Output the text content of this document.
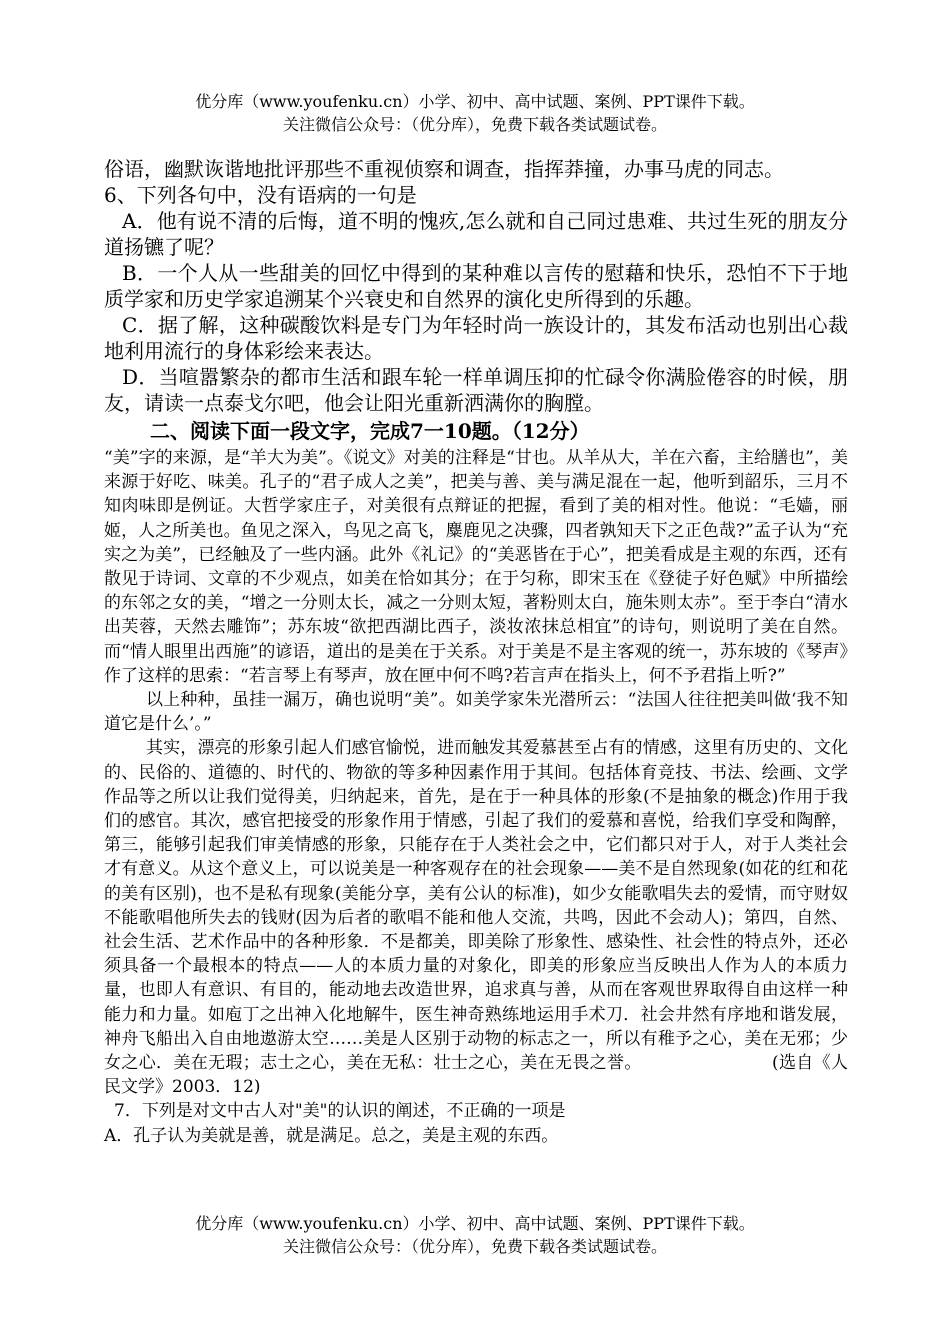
优分库（www.youfenku.cn）小学、初中、高中试题、案例、PPT课件下载。
关注微信公众号：（优分库），免费下载各类试题试卷。

俗语，幽默诙谐地批评那些不重视侦察和调查，指挥莽撞，办事马虎的同志。

6、下列各句中，没有语病的一句是

A．他有说不清的后悔，道不明的愧疚,怎么就和自己同过患难、共过生死的朋友分道扬镳了呢？

B．一个人从一些甜美的回忆中得到的某种难以言传的慰藉和快乐，恐怕不下于地质学家和历史学家追溯某个兴衰史和自然界的演化史所得到的乐趣。

C．据了解，这种碳酸饮料是专门为年轻时尚一族设计的，其发布活动也别出心裁地利用流行的身体彩绘来表达。

D．当喧嚣繁杂的都市生活和跟车轮一样单调压抑的忙碌令你满脸倦容的时候，朋友，请读一点泰戈尔吧，他会让阳光重新洒满你的胸膛。

二、阅读下面一段文字，完成7一10题。（12分）

“美”字的来源，是“羊大为美”。《说文》对美的注释是“甘也。从羊从大，羊在六畜，主给膳也”，美来源于好吃、味美。孔子的“君子成人之美”，把美与善、美与满足混在一起，他听到韶乐，三月不知肉味即是例证。大哲学家庄子，对美很有点辩证的把握，看到了美的相对性。他说：“毛嫱，丽姬，人之所美也。鱼见之深入，鸟见之高飞，麋鹿见之决骤，四者孰知天下之正色哉?”孟子认为“充实之为美”，已经触及了一些内涵。此外《礼记》的“美恶皆在于心”，把美看成是主观的东西，还有散见于诗词、文章的不少观点，如美在恰如其分；在于匀称，即宋玉在《登徒子好色赋》中所描绘的东邻之女的美，“增之一分则太长，减之一分则太短，著粉则太白，施朱则太赤”。至于李白“清水出芙蓉，天然去雕饰”；苏东坡“欲把西湖比西子，淡妆浓抹总相宜”的诗句，则说明了美在自然。而“情人眼里出西施”的谚语，道出的是美在于关系。对于美是不是主客观的统一，苏东坡的《琴声》作了这样的思索：“若言琴上有琴声，放在匣中何不鸣?若言声在指头上，何不予君指上听?”

以上种种，虽挂一漏万，确也说明“美”。如美学家朱光潜所云：“法国人往往把美叫做‘我不知道它是什么’。”

其实，漂亮的形象引起人们感官愉悦，进而触发其爱慕甚至占有的情感，这里有历史的、文化的、民俗的、道德的、时代的、物欲的等多种因素作用于其间。包括体育竞技、书法、绘画、文学作品等之所以让我们觉得美，归纳起来，首先，是在于一种具体的形象(不是抽象的概念)作用于我们的感官。其次，感官把接受的形象作用于情感，引起了我们的爱慕和喜悦，给我们享受和陶醉，第三，能够引起我们审美情感的形象，只能存在于人类社会之中，它们都只对于人，对于人类社会才有意义。从这个意义上，可以说美是一种客观存在的社会现象——美不是自然现象(如花的红和花的美有区别)，也不是私有现象(美能分享，美有公认的标准)，如少女能歌唱失去的爱情，而守财奴不能歌唱他所失去的钱财(因为后者的歌唱不能和他人交流，共鸣，因此不会动人)；第四，自然、社会生活、艺术作品中的各种形象．不是都美，即美除了形象性、感染性、社会性的特点外，还必须具备一个最根本的特点——人的本质力量的对象化，即美的形象应当反映出人作为人的本质力量，也即人有意识、有目的，能动地去改造世界，追求真与善，从而在客观世界取得自由这样一种能力和力量。如庖丁之出神入化地解牛，医生神奇熟练地运用手术刀．社会井然有序地和谐发展，神舟飞船出入自由地遨游太空……美是人区别于动物的标志之一，所以有稚予之心，美在无邪；少女之心．美在无瑕；志士之心，美在无私：壮士之心，美在无畏之誉。　　　　　　　　	(选自《人民文学》2003．12)

7．下列是对文中古人对"美"的认识的阐述，不正确的一项是

A．孔子认为美就是善，就是满足。总之，美是主观的东西。

优分库（www.youfenku.cn）小学、初中、高中试题、案例、PPT课件下载。
关注微信公众号：（优分库），免费下载各类试题试卷。
